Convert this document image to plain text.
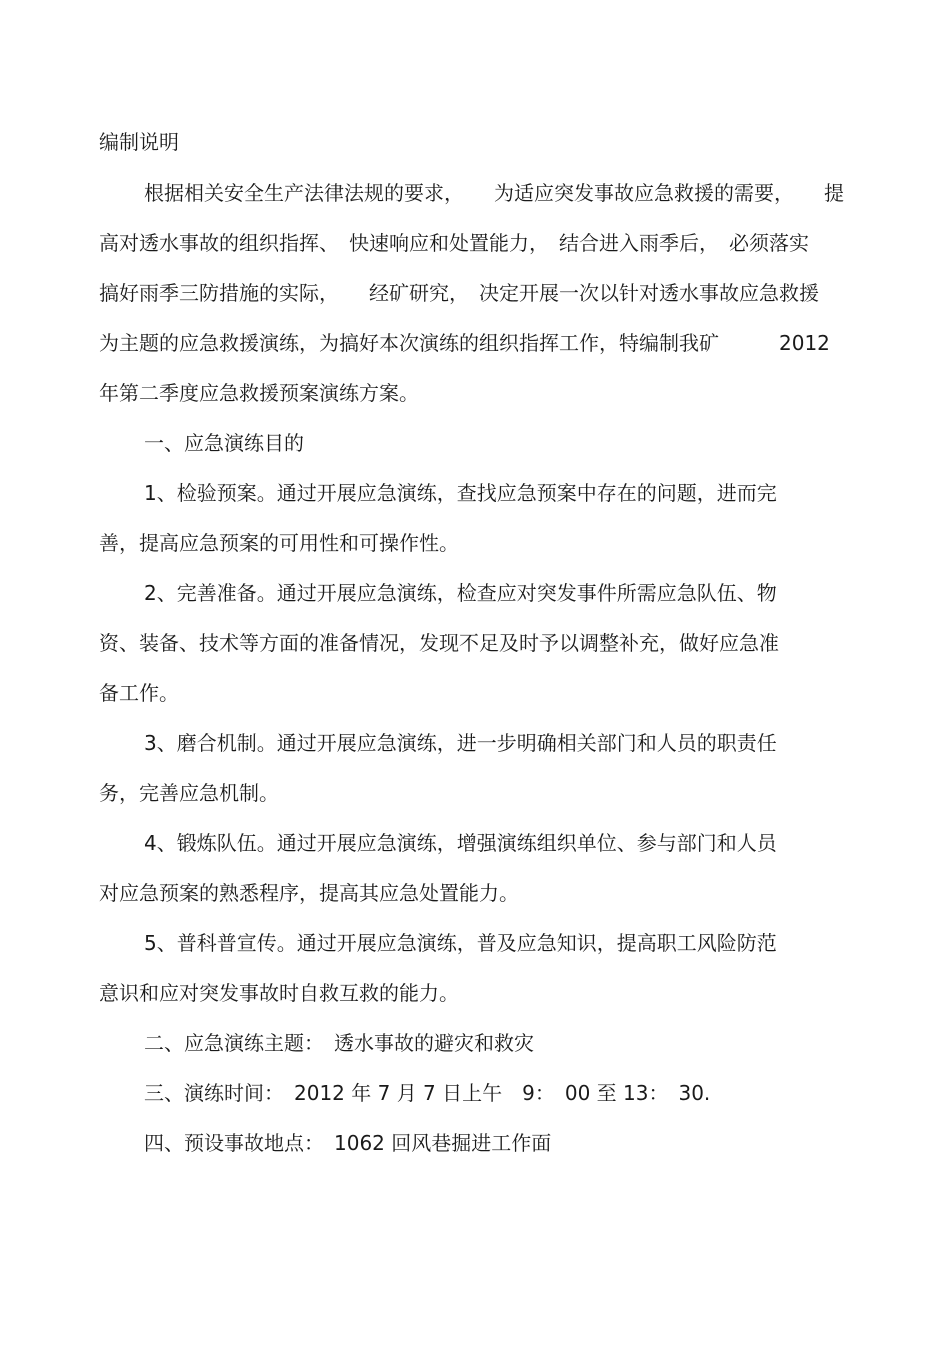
编制说明
根据相关安全生产法律法规的要求，　　为适应突发事故应急救援的需要，　　提
高对透水事故的组织指挥、　快速响应和处置能力，　结合进入雨季后，　必须落实
搞好雨季三防措施的实际，　　经矿研究，　决定开展一次以针对透水事故应急救援
为主题的应急救援演练，为搞好本次演练的组织指挥工作，特编制我矿　　　2012
年第二季度应急救援预案演练方案。
一、应急演练目的
1、检验预案。通过开展应急演练，查找应急预案中存在的问题，进而完
善，提高应急预案的可用性和可操作性。
2、完善准备。通过开展应急演练，检查应对突发事件所需应急队伍、物
资、装备、技术等方面的准备情况，发现不足及时予以调整补充，做好应急准
备工作。
3、磨合机制。通过开展应急演练，进一步明确相关部门和人员的职责任
务，完善应急机制。
4、锻炼队伍。通过开展应急演练，增强演练组织单位、参与部门和人员
对应急预案的熟悉程序，提高其应急处置能力。
5、普科普宣传。通过开展应急演练，普及应急知识，提高职工风险防范
意识和应对突发事故时自救互救的能力。
二、应急演练主题：　透水事故的避灾和救灾
三、演练时间：　2012 年 7 月 7 日上午　9：　00 至 13：　30.
四、预设事故地点：　1062 回风巷掘进工作面
